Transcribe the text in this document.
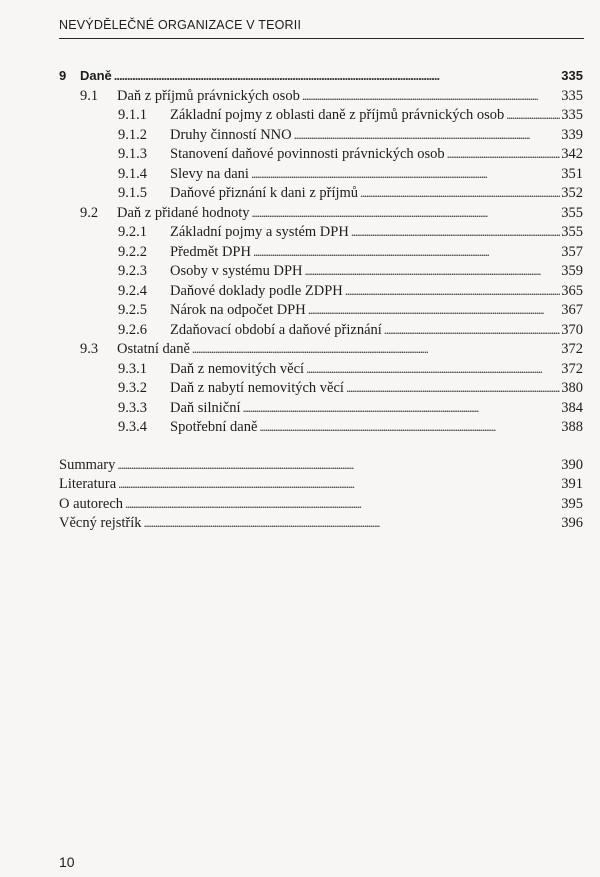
NEVÝDĚLEČNÉ ORGANIZACE V TEORII
9	Daně . . .	335
9.1	Daň z příjmů právnických osob . . .	335
9.1.1	Základní pojmy z oblasti daně z příjmů právnických osob . . .	335
9.1.2	Druhy činností NNO . . .	339
9.1.3	Stanovení daňové povinnosti právnických osob . . .	342
9.1.4	Slevy na dani . . .	351
9.1.5	Daňové přiznání k dani z příjmů . . .	352
9.2	Daň z přidané hodnoty . . .	355
9.2.1	Základní pojmy a systém DPH . . .	355
9.2.2	Předmět DPH . . .	357
9.2.3	Osoby v systému DPH . . .	359
9.2.4	Daňové doklady podle ZDPH . . .	365
9.2.5	Nárok na odpočet DPH . . .	367
9.2.6	Zdaňovací období a daňové přiznání . . .	370
9.3	Ostatní daně . . .	372
9.3.1	Daň z nemovitých věcí . . .	372
9.3.2	Daň z nabytí nemovitých věcí . . .	380
9.3.3	Daň silniční . . .	384
9.3.4	Spotřební daně . . .	388
Summary . . .	390
Literatura . . .	391
O autorech . . .	395
Věcný rejstřík . . .	396
10
